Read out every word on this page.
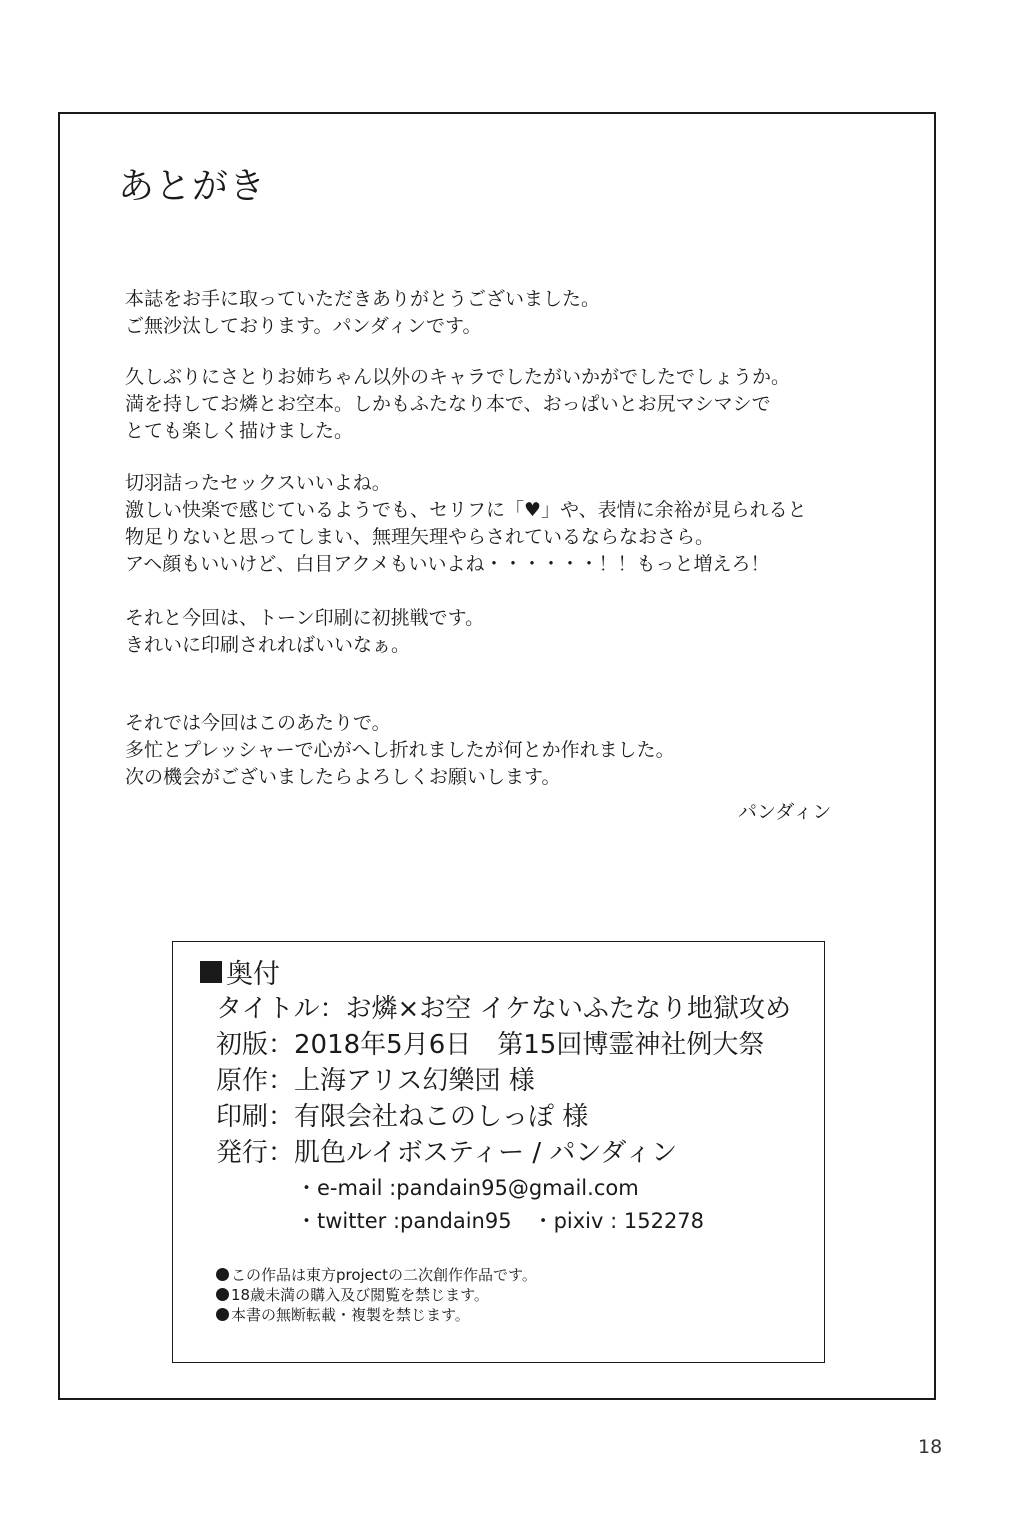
あとがき
本誌をお手に取っていただきありがとうございました。
ご無沙汰しております。パンダィンです。
久しぶりにさとりお姉ちゃん以外のキャラでしたがいかがでしたでしょうか。
満を持してお燐とお空本。しかもふたなり本で、おっぱいとお尻マシマシで
とても楽しく描けました。
切羽詰ったセックスいいよね。
激しい快楽で感じているようでも、セリフに「♥」や、表情に余裕が見られると
物足りないと思ってしまい、無理矢理やらされているならなおさら。
アヘ顔もいいけど、白目アクメもいいよね・・・・・・！！もっと増えろ！
それと今回は、トーン印刷に初挑戦です。
きれいに印刷されればいいなぁ。
それでは今回はこのあたりで。
多忙とプレッシャーで心がへし折れましたが何とか作れました。
次の機会がございましたらよろしくお願いします。
パンダィン
奥付
タイトル：お燐×お空 イケないふたなり地獄攻め
初版：2018年5月6日　第15回博霊神社例大祭
原作：上海アリス幻樂団 様
印刷：有限会社ねこのしっぽ 様
発行：肌色ルイボスティー / パンダィン
・e-mail :pandain95@gmail.com
・twitter :pandain95　・pixiv : 152278
この作品は東方projectの二次創作作品です。
18歳未満の購入及び閲覧を禁じます。
本書の無断転載・複製を禁じます。
18
